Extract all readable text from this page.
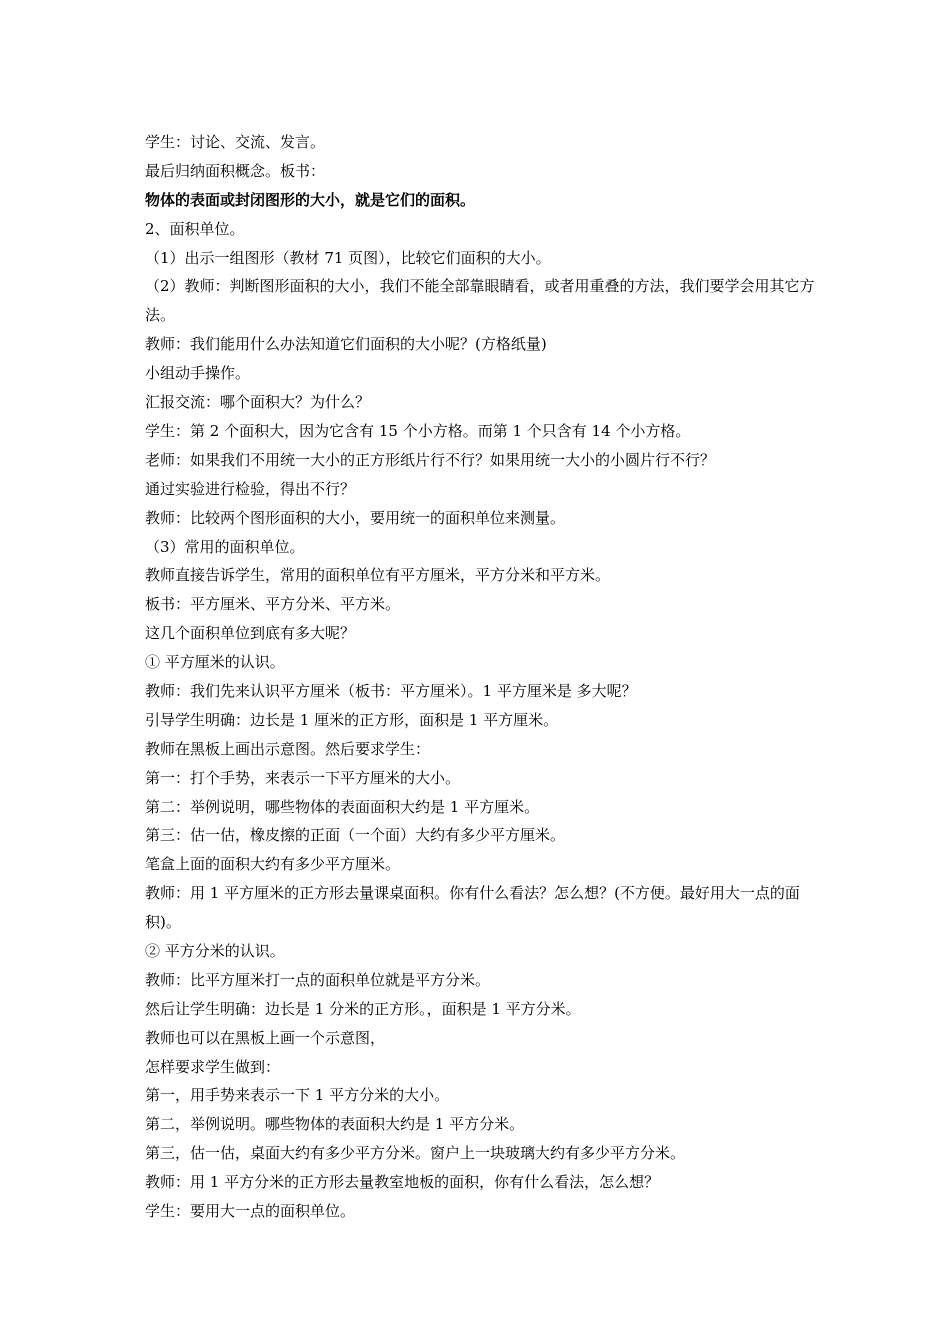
学生：讨论、交流、发言。
最后归纳面积概念。板书：
物体的表面或封闭图形的大小，就是它们的面积。
2、面积单位。
（1）出示一组图形（教材 71 页图），比较它们面积的大小。
（2）教师：判断图形面积的大小，我们不能全部靠眼睛看，或者用重叠的方法，我们要学会用其它方法。
教师：我们能用什么办法知道它们面积的大小呢？(方格纸量)
小组动手操作。
汇报交流：哪个面积大？为什么？
学生：第 2 个面积大，因为它含有 15 个小方格。而第 1 个只含有 14 个小方格。
老师：如果我们不用统一大小的正方形纸片行不行？如果用统一大小的小圆片行不行？
通过实验进行检验，得出不行？
教师：比较两个图形面积的大小，要用统一的面积单位来测量。
（3）常用的面积单位。
教师直接告诉学生，常用的面积单位有平方厘米，平方分米和平方米。
板书：平方厘米、平方分米、平方米。
这几个面积单位到底有多大呢？
① 平方厘米的认识。
教师：我们先来认识平方厘米（板书：平方厘米）。1 平方厘米是 多大呢？
引导学生明确：边长是 1 厘米的正方形，面积是 1 平方厘米。
教师在黑板上画出示意图。然后要求学生：
第一：打个手势，来表示一下平方厘米的大小。
第二：举例说明，哪些物体的表面面积大约是 1 平方厘米。
第三：估一估，橡皮擦的正面（一个面）大约有多少平方厘米。
笔盒上面的面积大约有多少平方厘米。
教师：用 1 平方厘米的正方形去量课桌面积。你有什么看法？怎么想？(不方便。最好用大一点的面积)。
② 平方分米的认识。
教师：比平方厘米打一点的面积单位就是平方分米。
然后让学生明确：边长是 1 分米的正方形。，面积是 1 平方分米。
教师也可以在黑板上画一个示意图，
怎样要求学生做到：
第一，用手势来表示一下 1 平方分米的大小。
第二，举例说明。哪些物体的表面积大约是 1 平方分米。
第三，估一估，桌面大约有多少平方分米。窗户上一块玻璃大约有多少平方分米。
教师：用 1 平方分米的正方形去量教室地板的面积，你有什么看法，怎么想？
学生：要用大一点的面积单位。
